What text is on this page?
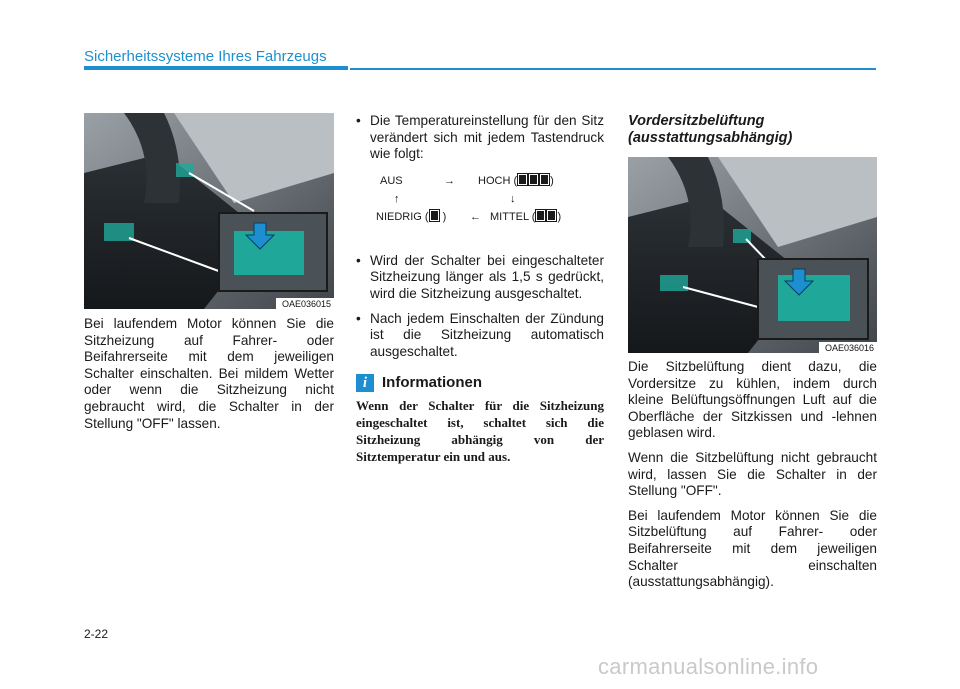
Sicherheitssysteme Ihres Fahrzeugs
OAE036015
OAE036016

Bei laufendem Motor können Sie die Sitzheizung auf Fahrer- oder Beifahrerseite mit dem jeweiligen Schalter einschalten. Bei mildem Wetter oder wenn die Sitzheizung nicht gebraucht wird, die Schalter in der Stellung "OFF" lassen.

• Die Temperatureinstellung für den Sitz verändert sich mit jedem Tastendruck wie folgt:
AUS	→ HOCH (	)
↑	↓
NIEDRIG ( ) ← MITTEL ( )
• Wird der Schalter bei eingeschalteter Sitzheizung länger als 1,5 s gedrückt, wird die Sitzheizung ausgeschaltet.
• Nach jedem Einschalten der Zündung ist die Sitzheizung automatisch ausgeschaltet.
i Informationen

Wenn der Schalter für die Sitzheizung eingeschaltet ist, schaltet sich die Sitzheizung abhängig von der Sitztemperatur ein und aus.

Vordersitzbelüftung
(ausstattungsabhängig)

Die Sitzbelüftung dient dazu, die Vordersitze zu kühlen, indem durch kleine Belüftungsöffnungen Luft auf die Oberfläche der Sitzkissen und -lehnen geblasen wird.

Wenn die Sitzbelüftung nicht gebraucht wird, lassen Sie die Schalter in der Stellung "OFF".

Bei laufendem Motor können Sie die Sitzbelüftung auf Fahrer- oder Beifahrerseite mit dem jeweiligen Schalter einschalten (ausstattungsabhängig).

2-22
carmanualsonline.info
